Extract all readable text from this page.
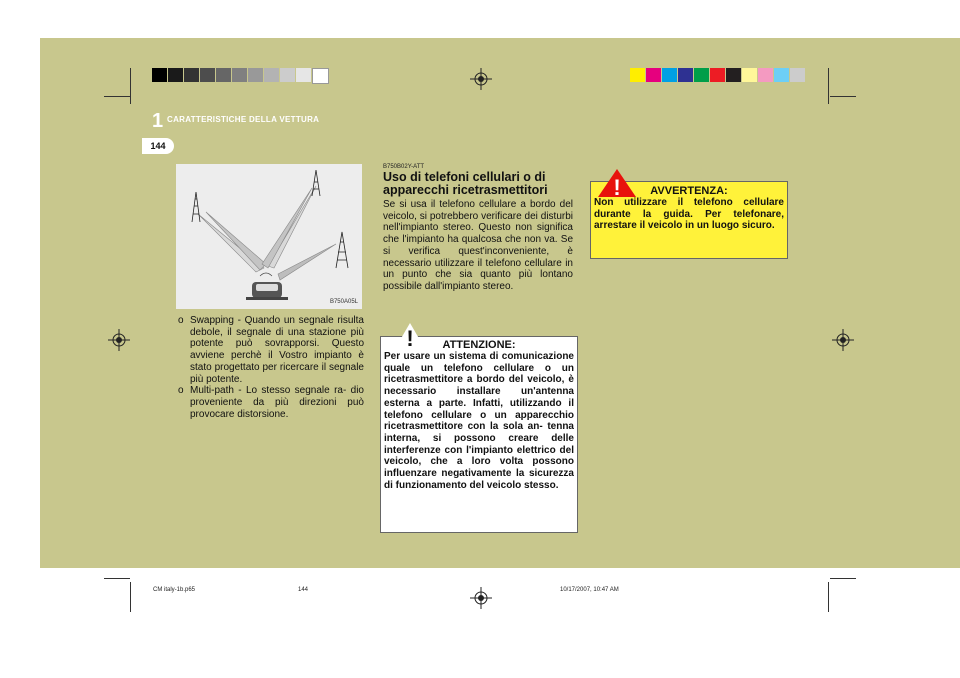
1 CARATTERISTICHE DELLA VETTURA
144
B750A05L
o Swapping - Quando un segnale risulta debole, il segnale di una stazione più potente può sovrapporsi. Questo avviene perchè il Vostro impianto è stato progettato per ricercare il segnale più potente.
o Multi-path - Lo stesso segnale ra- dio proveniente da più direzioni può provocare distorsione.
B750B02Y-ATT
Uso di telefoni cellulari o di apparecchi ricetrasmettitori

Se si usa il telefono cellulare a bordo del veicolo, si potrebbero verificare dei disturbi nell'impianto stereo. Questo non significa che l'impianto ha qualcosa che non va. Se si verifica quest'inconveniente, è necessario utilizzare il telefono cellulare in un punto che sia quanto più lontano possibile dall'impianto stereo.

!	ATTENZIONE:
Per usare un sistema di comunicazione quale un telefono cellulare o un ricetrasmettitore a bordo del veicolo, è necessario installare un'antenna esterna a parte. Infatti, utilizzando il telefono cellulare o un apparecchio ricetrasmettitore con la sola an- tenna interna, si possono creare delle interferenze con l'impianto elettrico del veicolo, che a loro volta possono influenzare negativamente la sicurezza di funzionamento del veicolo stesso.
!	AVVERTENZA:
Non utilizzare il telefono cellulare durante la guida. Per telefonare, arrestare il veicolo in un luogo sicuro.
CM italy-1b.p65	144	10/17/2007, 10:47 AM
